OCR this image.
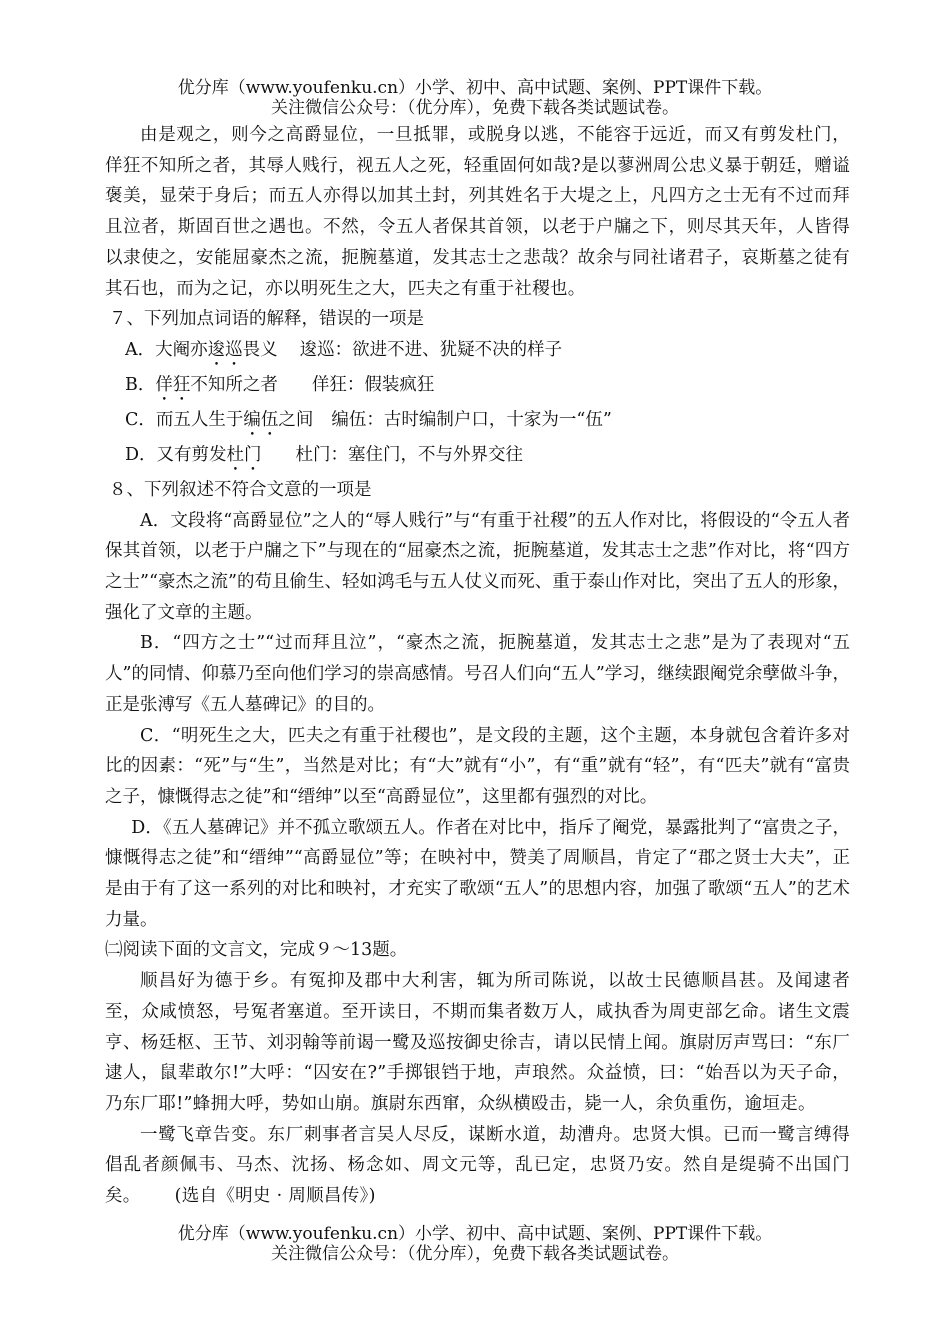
优分库（www.youfenku.cn）小学、初中、高中试题、案例、PPT课件下载。
关注微信公众号：（优分库），免费下载各类试题试卷。

由是观之，则今之高爵显位，一旦抵罪，或脱身以逃，不能容于远近，而又有剪发杜门，佯狂不知所之者，其辱人贱行，视五人之死，轻重固何如哉?是以蓼洲周公忠义暴于朝廷，赠谥褒美，显荣于身后；而五人亦得以加其土封，列其姓名于大堤之上，凡四方之士无有不过而拜且泣者，斯固百世之遇也。不然，令五人者保其首领，以老于户牖之下，则尽其天年，人皆得以隶使之，安能屈豪杰之流，扼腕墓道，发其志士之悲哉？故余与同社诸君子，哀斯墓之徒有其石也，而为之记，亦以明死生之大，匹夫之有重于社稷也。

７、下列加点词语的解释，错误的一项是

A．大阉亦逡巡畏义 逡巡：欲进不进、犹疑不决的样子

B．佯狂不知所之者 佯狂：假装疯狂

C．而五人生于编伍之间 编伍：古时编制户口，十家为一“伍”

D．又有剪发杜门 杜门：塞住门，不与外界交往

８、下列叙述不符合文意的一项是

A．文段将“高爵显位”之人的“辱人贱行”与“有重于社稷”的五人作对比，将假设的“令五人者保其首领，以老于户牖之下”与现在的“屈豪杰之流，扼腕墓道，发其志士之悲”作对比，将“四方之士”“豪杰之流”的苟且偷生、轻如鸿毛与五人仗义而死、重于泰山作对比，突出了五人的形象，强化了文章的主题。

B．“四方之士”“过而拜且泣”，“豪杰之流，扼腕墓道，发其志士之悲”是为了表现对“五人”的同情、仰慕乃至向他们学习的崇高感情。号召人们向“五人”学习，继续跟阉党余孽做斗争，正是张溥写《五人墓碑记》的目的。

C．“明死生之大，匹夫之有重于社稷也”，是文段的主题，这个主题，本身就包含着许多对比的因素：“死”与“生”，当然是对比；有“大”就有“小”，有“重”就有“轻”，有“匹夫”就有“富贵之子，慷慨得志之徒”和“缙绅”以至“高爵显位”，这里都有强烈的对比。

D．《五人墓碑记》并不孤立歌颂五人。作者在对比中，指斥了阉党，暴露批判了“富贵之子，慷慨得志之徒”和“缙绅”“高爵显位”等；在映衬中，赞美了周顺昌，肯定了“郡之贤士大夫”，正是由于有了这一系列的对比和映衬，才充实了歌颂“五人”的思想内容，加强了歌颂“五人”的艺术力量。

㈡阅读下面的文言文，完成９～13题。

顺昌好为德于乡。有冤抑及郡中大利害，辄为所司陈说，以故士民德顺昌甚。及闻逮者至，众咸愤怒，号冤者塞道。至开读日，不期而集者数万人，咸执香为周吏部乞命。诸生文震亨、杨廷枢、王节、刘羽翰等前谒一鹭及巡按御史徐吉，请以民情上闻。旗尉厉声骂曰：“东厂逮人，鼠辈敢尔!”大呼：“囚安在?”手掷银铛于地，声琅然。众益愤，曰：“始吾以为天子命，乃东厂耶!”蜂拥大呼，势如山崩。旗尉东西窜，众纵横殴击，毙一人，余负重伤，逾垣走。

一鹭飞章告变。东厂刺事者言吴人尽反，谋断水道，劫漕舟。忠贤大惧。已而一鹭言缚得倡乱者颜佩韦、马杰、沈扬、杨念如、周文元等，乱已定，忠贤乃安。然自是缇骑不出国门矣。 (选自《明史 · 周顺昌传》)

优分库（www.youfenku.cn）小学、初中、高中试题、案例、PPT课件下载。
关注微信公众号：（优分库），免费下载各类试题试卷。
